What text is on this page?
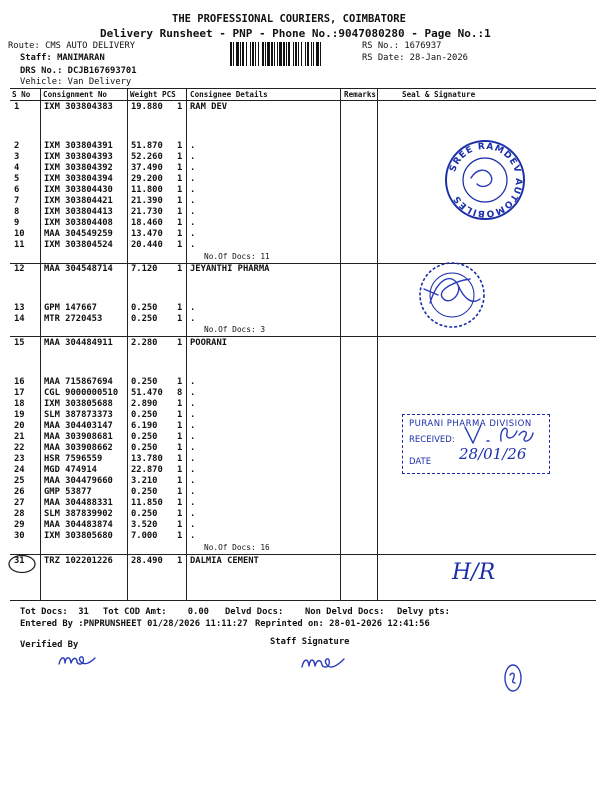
THE PROFESSIONAL COURIERS, COIMBATORE
Delivery Runsheet - PNP - Phone No.:9047080280 - Page No.:1
Route: CMS AUTO DELIVERY
Staff: MANIMARAN
DRS No.: DCJB167693701
Vehicle: Van Delivery
RS No.: 1676937
RS Date: 28-Jan-2026
S No Consignment No	Weight PCS Consignee Details	Remarks	Seal & Signature
1	IXM 303804383 19.880 1 RAM DEV
2	IXM 303804391 51.870 1 .
3	IXM 303804393 52.260 1 .
4	IXM 303804392 37.490 1 .
5	IXM 303804394 29.200 1 .
6	IXM 303804430 11.800 1 .
7	IXM 303804421 21.390 1 .
8	IXM 303804413 21.730 1 .
9	IXM 303804408 18.460 1 .
10 MAA 304549259 13.470 1 .
11 IXM 303804524 20.440 1 .
No.Of Docs: 11
12 MAA 304548714 7.120 1 JEYANTHI PHARMA
13 GPM 147667	0.250 1 .
14 MTR 2720453	0.250 1 .
No.Of Docs: 3
15 MAA 304484911 2.280 1 POORANI
16 MAA 715867694 0.250 1 .
17 CGL 9000000510 51.470 8 .
18 IXM 303805688 2.890 1 .
19 SLM 387873373 0.250 1 .
20 MAA 304403147 6.190 1 .
21 MAA 303908681 0.250 1 .
22 MAA 303908662 0.250 1 .
23 HSR 7596559	13.780 1 .
24 MGD 474914	22.870 1 .
25 MAA 304479660 3.210 1 .
26 GMP 53877	0.250 1 .
27 MAA 304488331 11.850 1 .
28 SLM 387839902 0.250 1 .
29 MAA 304483874 3.520 1 .
30 IXM 303805680 7.000 1 .
No.Of Docs: 16
31 TRZ 102201226 28.490 1 DALMIA CEMENT
Tot Docs:  31 Tot COD Amt:    0.00 Delvd Docs: Non Delvd Docs: Delvy pts:
Entered By :PNPRUNSHEET 01/28/2026 11:11:27 Reprinted on: 28-01-2026 12:41:56
Verified By	Staff Signature
SREE RAMDEV AUTOMOBILES
PURANI PHARMA DIVISION
RECEIVED:
DATE 28/01/26
H/R
